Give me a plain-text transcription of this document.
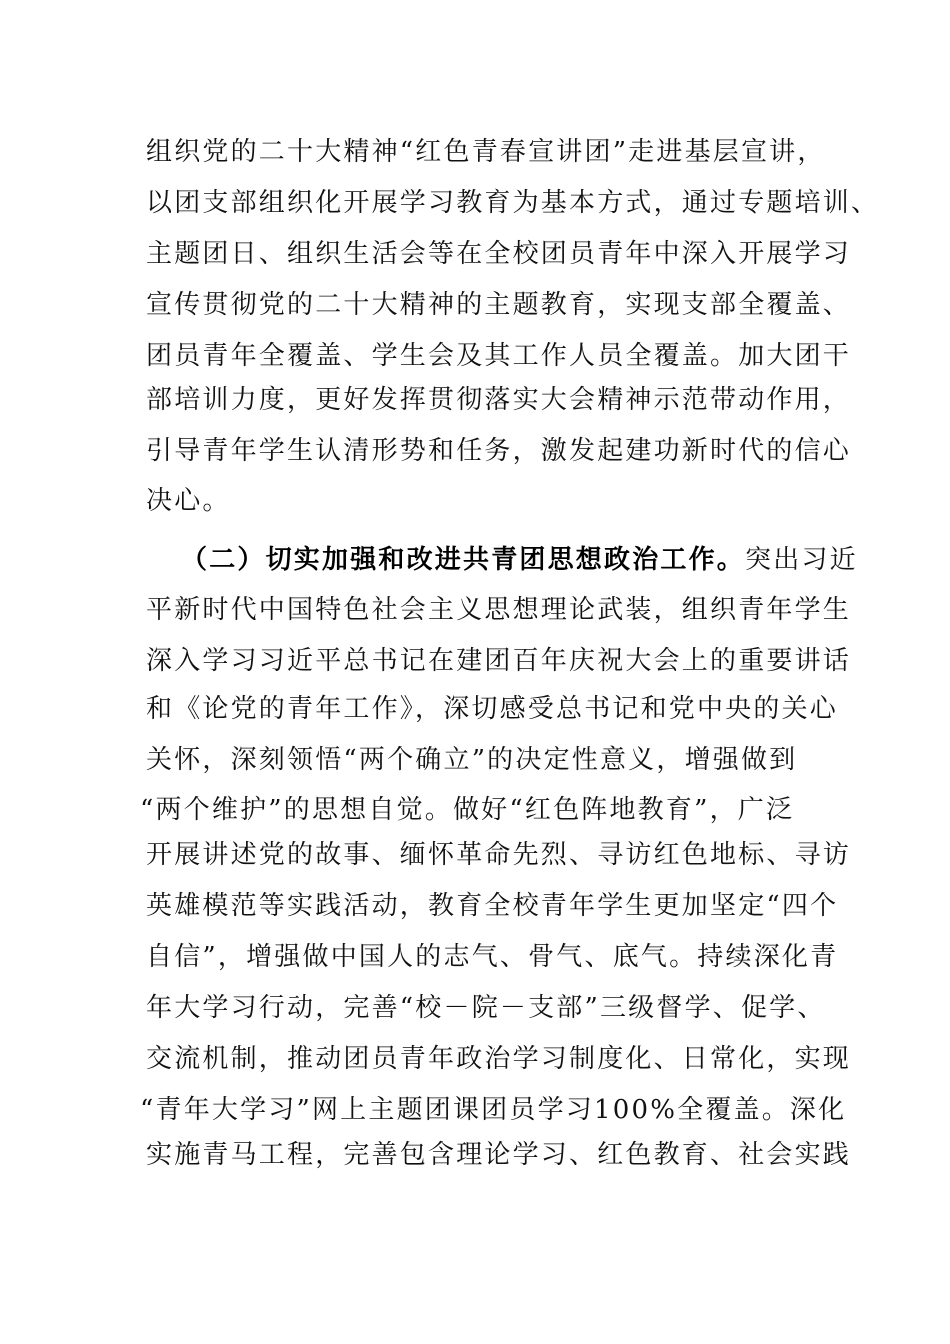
组织党的二十大精神“红色青春宣讲团”走进基层宣讲，
以团支部组织化开展学习教育为基本方式，通过专题培训、
主题团日、组织生活会等在全校团员青年中深入开展学习
宣传贯彻党的二十大精神的主题教育，实现支部全覆盖、
团员青年全覆盖、学生会及其工作人员全覆盖。加大团干
部培训力度，更好发挥贯彻落实大会精神示范带动作用，
引导青年学生认清形势和任务，激发起建功新时代的信心
决心。
（二）切实加强和改进共青团思想政治工作。突出习近
平新时代中国特色社会主义思想理论武装，组织青年学生
深入学习习近平总书记在建团百年庆祝大会上的重要讲话
和《论党的青年工作》，深切感受总书记和党中央的关心
关怀，深刻领悟“两个确立”的决定性意义，增强做到
“两个维护”的思想自觉。做好“红色阵地教育”，广泛
开展讲述党的故事、缅怀革命先烈、寻访红色地标、寻访
英雄模范等实践活动，教育全校青年学生更加坚定“四个
自信”，增强做中国人的志气、骨气、底气。持续深化青
年大学习行动，完善“校－院－支部”三级督学、促学、
交流机制，推动团员青年政治学习制度化、日常化，实现
“青年大学习”网上主题团课团员学习100%全覆盖。深化
实施青马工程，完善包含理论学习、红色教育、社会实践
